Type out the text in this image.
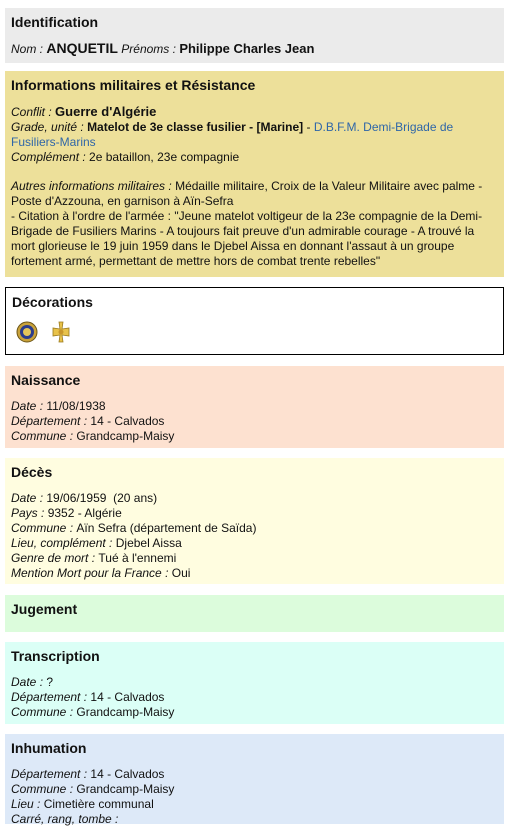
Identification
Nom : ANQUETIL Prénoms : Philippe Charles Jean
Informations militaires et Résistance
Conflit : Guerre d'Algérie
Grade, unité : Matelot de 3e classe fusilier - [Marine] - D.B.F.M. Demi-Brigade de Fusiliers-Marins
Complément : 2e bataillon, 23e compagnie
Autres informations militaires : Médaille militaire, Croix de la Valeur Militaire avec palme - Poste d'Azzouna, en garnison à Aïn-Sefra
- Citation à l'ordre de l'armée : "Jeune matelot voltigeur de la 23e compagnie de la Demi-Brigade de Fusiliers Marins - A toujours fait preuve d'un admirable courage - A trouvé la mort glorieuse le 19 juin 1959 dans le Djebel Aissa en donnant l'assaut à un groupe fortement armé, permettant de mettre hors de combat trente rebelles"
Décorations
Naissance
Date : 11/08/1938
Département : 14 - Calvados
Commune : Grandcamp-Maisy
Décès
Date : 19/06/1959  (20 ans)
Pays : 9352 - Algérie
Commune : Aïn Sefra (département de Saïda)
Lieu, complément : Djebel Aissa
Genre de mort : Tué à l'ennemi
Mention Mort pour la France : Oui
Jugement
Transcription
Date : ?
Département : 14 - Calvados
Commune : Grandcamp-Maisy
Inhumation
Département : 14 - Calvados
Commune : Grandcamp-Maisy
Lieu : Cimetière communal
Carré, rang, tombe :
